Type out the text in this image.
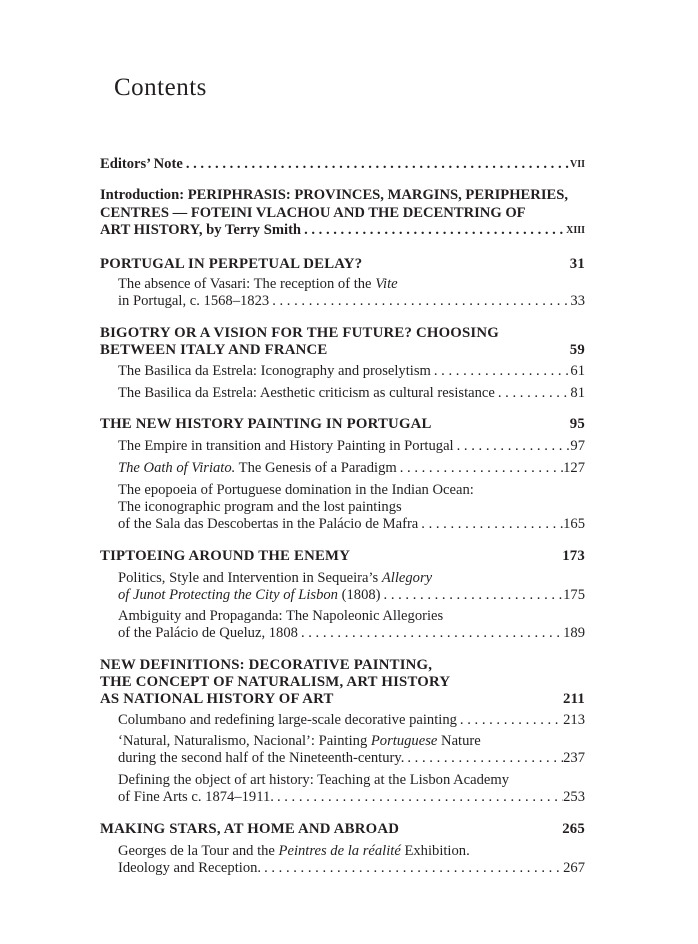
Contents
Editors’ Note . . .	vii
Introduction: PERIPHRASIS: PROVINCES, MARGINS, PERIPHERIES,
CENTRES — FOTEINI VLACHOU AND THE DECENTRING OF
ART HISTORY, by Terry Smith . . .	xiii
PORTUGAL IN PERPETUAL DELAY?	31
The absence of Vasari: The reception of the Vite
in Portugal, c. 1568–1823 . . .	33
BIGOTRY OR A VISION FOR THE FUTURE? CHOOSING
BETWEEN ITALY AND FRANCE	59
The Basilica da Estrela: Iconography and proselytism . . .	61
The Basilica da Estrela: Aesthetic criticism as cultural resistance . . .	81
THE NEW HISTORY PAINTING IN PORTUGAL	95
The Empire in transition and History Painting in Portugal . . .	97
The Oath of Viriato. The Genesis of a Paradigm . . .	127
The epopoeia of Portuguese domination in the Indian Ocean:
The iconographic program and the lost paintings
of the Sala das Descobertas in the Palácio de Mafra . . .	165
TIPTOEING AROUND THE ENEMY	173
Politics, Style and Intervention in Sequeira’s Allegory
of Junot Protecting the City of Lisbon (1808) . . .	175
Ambiguity and Propaganda: The Napoleonic Allegories
of the Palácio de Queluz, 1808 . . .	189
NEW DEFINITIONS: DECORATIVE PAINTING,
THE CONCEPT OF NATURALISM, ART HISTORY
AS NATIONAL HISTORY OF ART	211
Columbano and redefining large-scale decorative painting . . .	213
‘Natural, Naturalismo, Nacional’: Painting Portuguese Nature
during the second half of the Nineteenth-century. . . .	237
Defining the object of art history: Teaching at the Lisbon Academy
of Fine Arts c. 1874–1911. . . .	253
MAKING STARS, AT HOME AND ABROAD	265
Georges de la Tour and the Peintres de la réalité Exhibition.
Ideology and Reception. . . .	267
